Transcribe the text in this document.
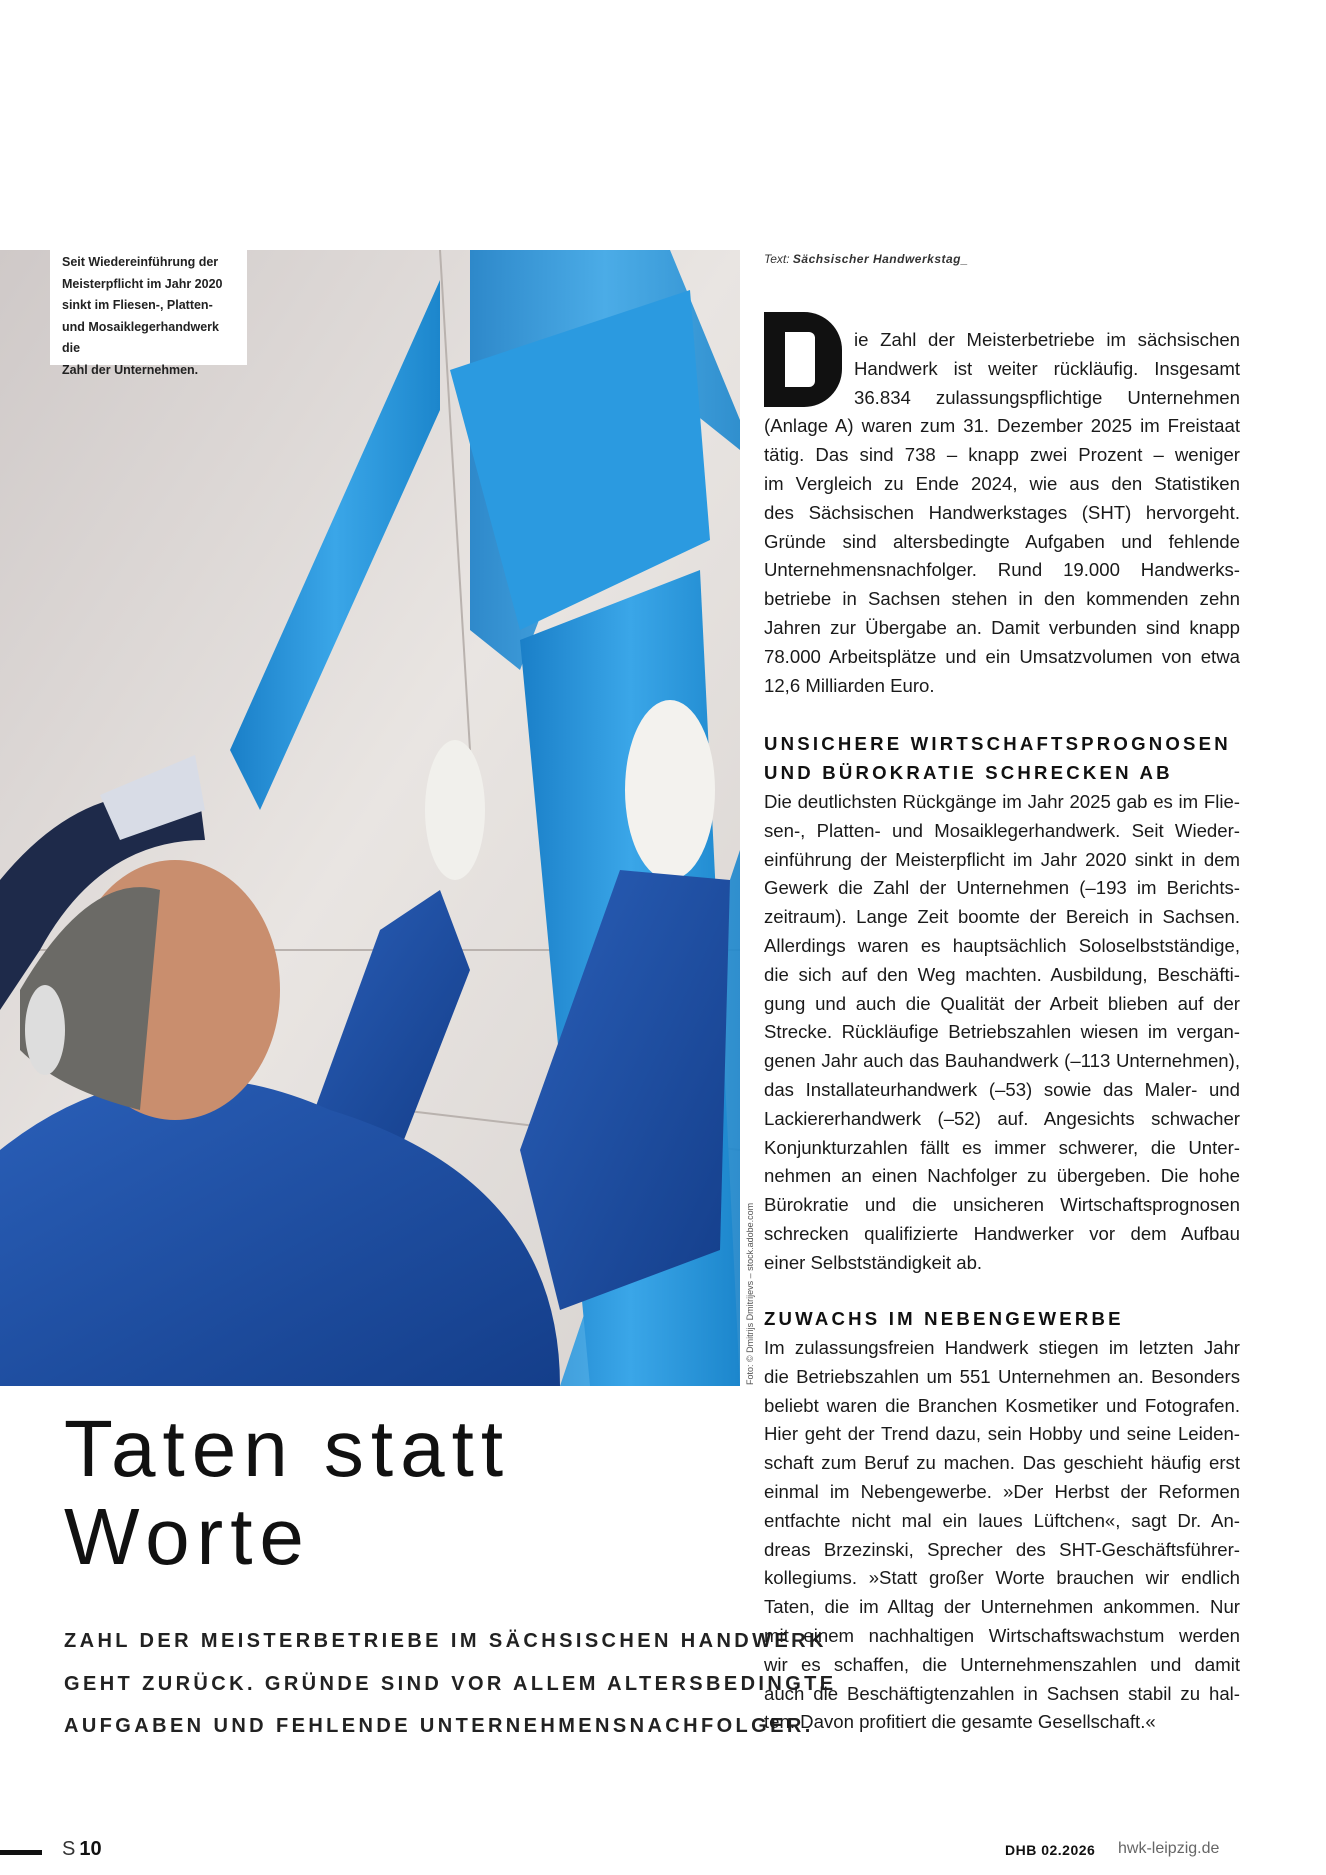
Seit Wiedereinführung der
Meisterpflicht im Jahr 2020
sinkt im Fliesen-, Platten-
und Mosaiklegerhandwerk die
Zahl der Unternehmen.
Foto: © Dmitrijs Dmitrijevs – stock.adobe.com
Taten statt
Worte
ZAHL DER MEISTERBETRIEBE IM SÄCHSISCHEN HANDWERK
GEHT ZURÜCK. GRÜNDE SIND VOR ALLEM ALTERSBEDINGTE
AUFGABEN UND FEHLENDE UNTERNEHMENSNACHFOLGER.
Text: Sächsischer Handwerkstag_
ie Zahl der Meisterbetriebe im sächsischen
Handwerk ist weiter rückläufig. Insgesamt
36.834 zulassungspflichtige Unternehmen
(Anlage A) waren zum 31. Dezember 2025 im Freistaat
tätig. Das sind 738 – knapp zwei Prozent – weniger
im Vergleich zu Ende 2024, wie aus den Statistiken
des Sächsischen Handwerkstages (SHT) hervorgeht.
Gründe sind altersbedingte Aufgaben und fehlende
Unternehmensnachfolger. Rund 19.000 Handwerks-
betriebe in Sachsen stehen in den kommenden zehn
Jahren zur Übergabe an. Damit verbunden sind knapp
78.000 Arbeitsplätze und ein Umsatzvolumen von etwa
12,6 Milliarden Euro.
UNSICHERE WIRTSCHAFTSPROGNOSEN
UND BÜROKRATIE SCHRECKEN AB
Die deutlichsten Rückgänge im Jahr 2025 gab es im Flie-
sen-, Platten- und Mosaiklegerhandwerk. Seit Wieder-
einführung der Meisterpflicht im Jahr 2020 sinkt in dem
Gewerk die Zahl der Unternehmen (–193 im Berichts-
zeitraum). Lange Zeit boomte der Bereich in Sachsen.
Allerdings waren es hauptsächlich Soloselbstständige,
die sich auf den Weg machten. Ausbildung, Beschäfti-
gung und auch die Qualität der Arbeit blieben auf der
Strecke. Rückläufige Betriebszahlen wiesen im vergan-
genen Jahr auch das Bauhandwerk (–113 Unternehmen),
das Installateurhandwerk (–53) sowie das Maler- und
Lackiererhandwerk (–52) auf. Angesichts schwacher
Konjunkturzahlen fällt es immer schwerer, die Unter-
nehmen an einen Nachfolger zu übergeben. Die hohe
Bürokratie und die unsicheren Wirtschaftsprognosen
schrecken qualifizierte Handwerker vor dem Aufbau
einer Selbstständigkeit ab.
ZUWACHS IM NEBENGEWERBE
Im zulassungsfreien Handwerk stiegen im letzten Jahr
die Betriebszahlen um 551 Unternehmen an. Besonders
beliebt waren die Branchen Kosmetiker und Fotografen.
Hier geht der Trend dazu, sein Hobby und seine Leiden-
schaft zum Beruf zu machen. Das geschieht häufig erst
einmal im Nebengewerbe. »Der Herbst der Reformen
entfachte nicht mal ein laues Lüftchen«, sagt Dr. An-
dreas Brzezinski, Sprecher des SHT-Geschäftsführer-
kollegiums. »Statt großer Worte brauchen wir endlich
Taten, die im Alltag der Unternehmen ankommen. Nur
mit einem nachhaltigen Wirtschaftswachstum werden
wir es schaffen, die Unternehmenszahlen und damit
auch die Beschäftigtenzahlen in Sachsen stabil zu hal-
ten. Davon profitiert die gesamte Gesellschaft.«
S 10	DHB 02.2026 hwk-leipzig.de
